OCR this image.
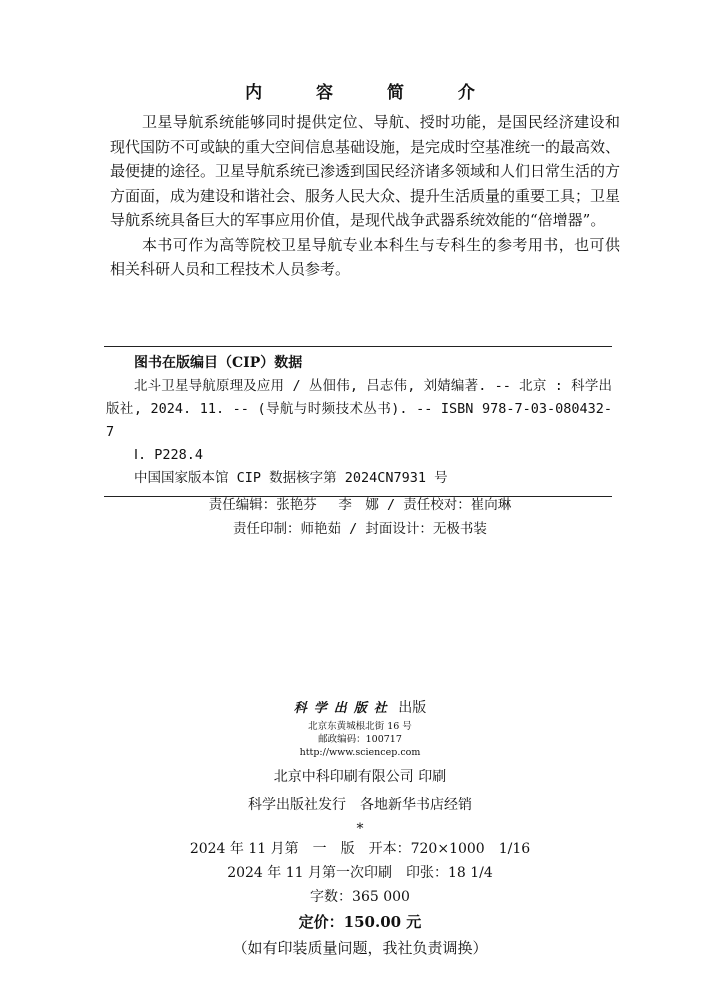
内 容 简 介

卫星导航系统能够同时提供定位、导航、授时功能，是国民经济建设和现代国防不可或缺的重大空间信息基础设施，是完成时空基准统一的最高效、最便捷的途径。卫星导航系统已渗透到国民经济诸多领域和人们日常生活的方方面面，成为建设和谐社会、服务人民大众、提升生活质量的重要工具；卫星导航系统具备巨大的军事应用价值，是现代战争武器系统效能的“倍增器”。

本书可作为高等院校卫星导航专业本科生与专科生的参考用书，也可供相关科研人员和工程技术人员参考。

图书在版编目（CIP）数据
北斗卫星导航原理及应用 / 丛佃伟, 吕志伟, 刘婧编著. -- 北京 : 科学出版社, 2024. 11. -- (导航与时频技术丛书). -- ISBN 978-7-03-080432-7
Ⅰ. P228.4
中国国家版本馆 CIP 数据核字第 2024CN7931 号
责任编辑：张艳芬　 李　娜 / 责任校对：崔向琳
责任印制：师艳茹 / 封面设计：无极书装
科学出版社 出版
北京东黄城根北街 16 号
邮政编码：100717
http://www.sciencep.com
北京中科印刷有限公司 印刷
科学出版社发行　各地新华书店经销
*
2024 年 11 月第　一　版　开本：720×1000　1/16
2024 年 11 月第一次印刷　印张：18 1/4
字数：365 000
定价：150.00 元
（如有印装质量问题，我社负责调换）
